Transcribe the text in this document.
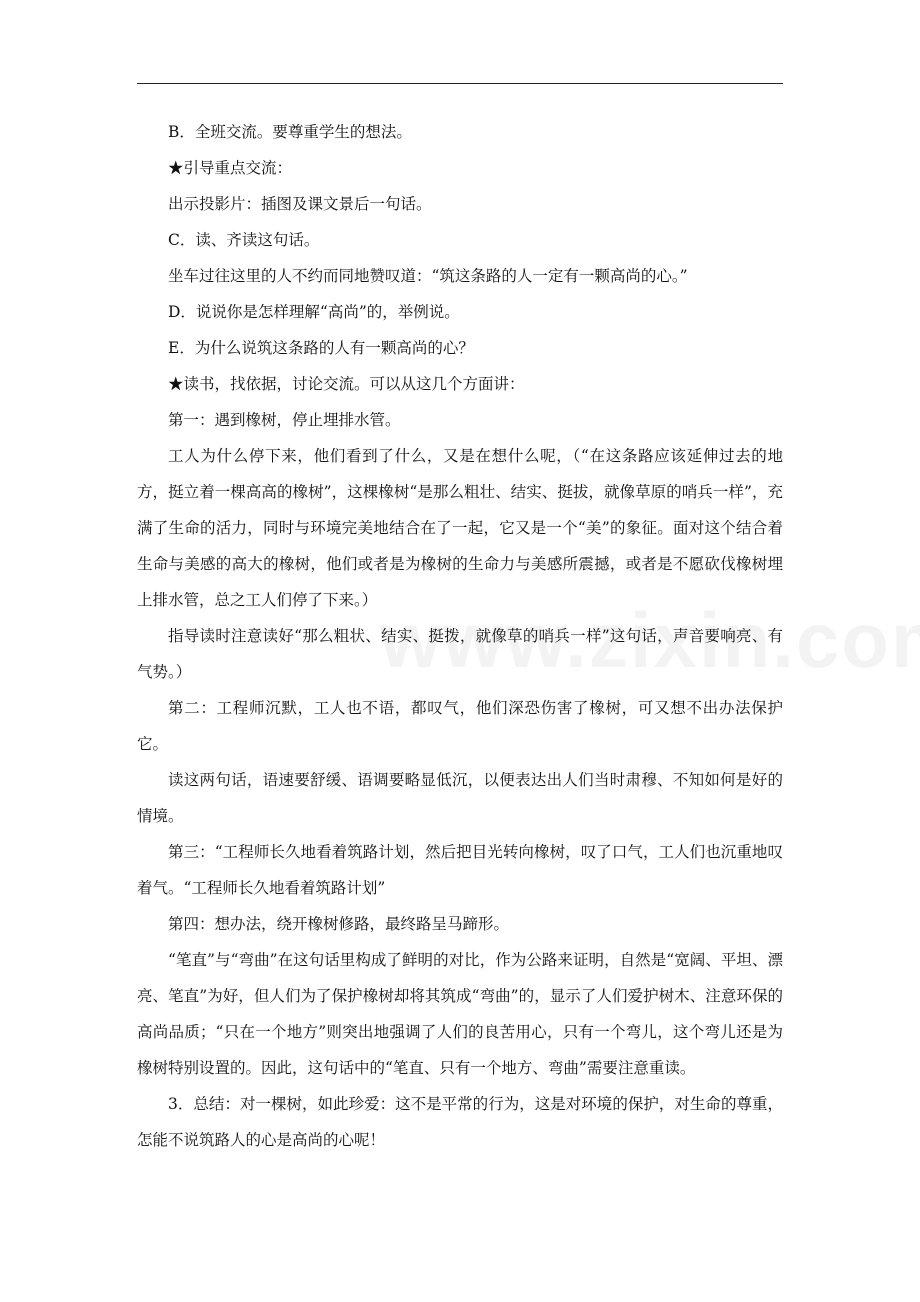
B．全班交流。要尊重学生的想法。

★引导重点交流：

出示投影片：插图及课文景后一句话。

C．读、齐读这句话。

坐车过往这里的人不约而同地赞叹道：“筑这条路的人一定有一颗高尚的心。”

D．说说你是怎样理解“高尚”的，举例说。

E．为什么说筑这条路的人有一颗高尚的心？

★读书，找依据，讨论交流。可以从这几个方面讲：

第一：遇到橡树，停止埋排水管。

工人为什么停下来，他们看到了什么，又是在想什么呢，（“在这条路应该延伸过去的地方，挺立着一棵高高的橡树”，这棵橡树“是那么粗壮、结实、挺拔，就像草原的哨兵一样”，充满了生命的活力，同时与环境完美地结合在了一起，它又是一个“美”的象征。面对这个结合着生命与美感的高大的橡树，他们或者是为橡树的生命力与美感所震撼，或者是不愿砍伐橡树埋上排水管，总之工人们停了下来。）

指导读时注意读好“那么粗状、结实、挺拨，就像草的哨兵一样”这句话，声音要响亮、有气势。）

第二：工程师沉默，工人也不语，都叹气，他们深恐伤害了橡树，可又想不出办法保护它。

读这两句话，语速要舒缓、语调要略显低沉，以便表达出人们当时肃穆、不知如何是好的情境。

第三：“工程师长久地看着筑路计划，然后把目光转向橡树，叹了口气，工人们也沉重地叹着气。“工程师长久地看着筑路计划”

第四：想办法，绕开橡树修路，最终路呈马蹄形。

“笔直”与“弯曲”在这句话里构成了鲜明的对比，作为公路来证明，自然是“宽阔、平坦、漂亮、笔直”为好，但人们为了保护橡树却将其筑成“弯曲”的，显示了人们爱护树木、注意环保的高尚品质；“只在一个地方”则突出地强调了人们的良苦用心，只有一个弯儿，这个弯儿还是为橡树特别设置的。因此，这句话中的“笔直、只有一个地方、弯曲”需要注意重读。

3．总结：对一棵树，如此珍爱：这不是平常的行为，这是对环境的保护，对生命的尊重，怎能不说筑路人的心是高尚的心呢！
